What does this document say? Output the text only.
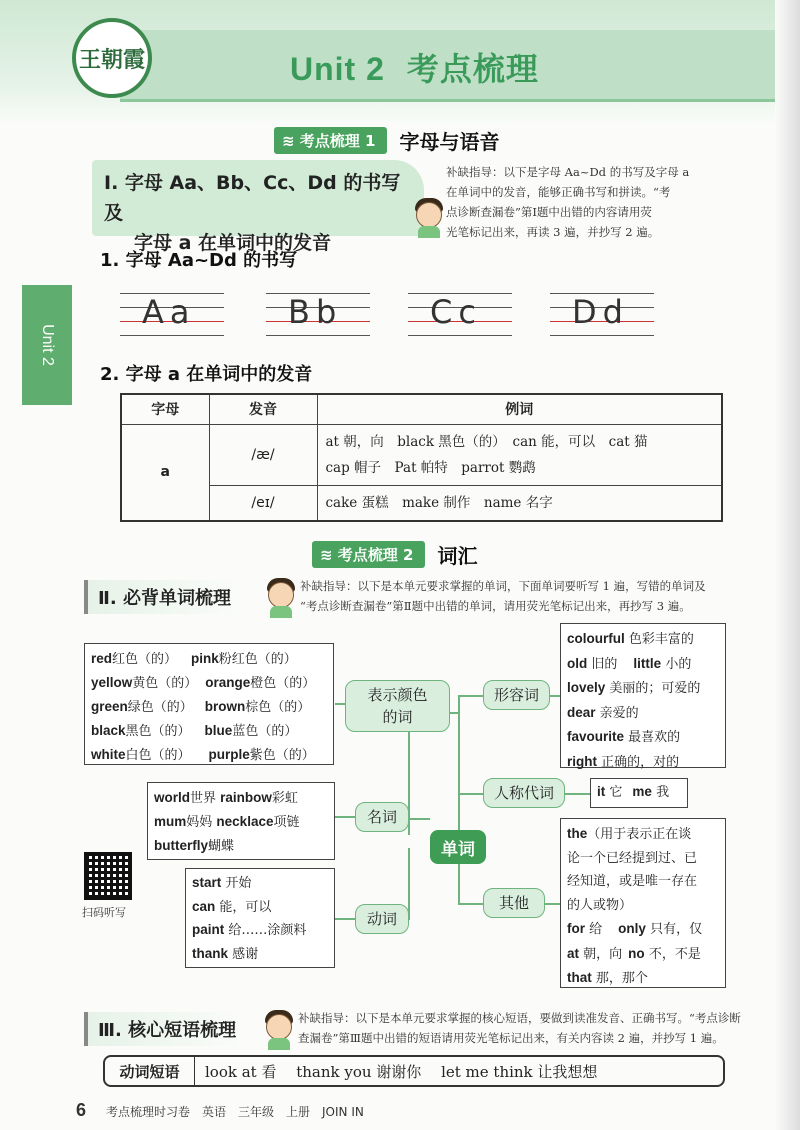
王朝霞	Unit 2 考点梳理
Unit 2
≋ 考点梳理 1	字母与语音

Ⅰ. 字母 Aa、Bb、Cc、Dd 的书写及

字母 a 在单词中的发音

补缺指导：以下是字母 Aa~Dd 的书写及字母 a
在单词中的发音，能够正确书写和拼读。“考
点诊断查漏卷”第Ⅰ题中出错的内容请用荧
光笔标记出来，再读 3 遍，并抄写 2 遍。
1. 字母 Aa~Dd 的书写
Aa	Bb	Cc	Dd
2. 字母 a 在单词中的发音
字母	发音	例词
a	/æ/	at 朝，向　black 黑色（的）　can 能，可以　cat 猫
cap 帽子　Pat 帕特　parrot 鹦鹉

	/eɪ/	cake 蛋糕　make 制作　name 名字
≋ 考点梳理 2	词汇
Ⅱ. 必背单词梳理
补缺指导：以下是本单元要求掌握的单词，下面单词要听写 1 遍，写错的单词及
“考点诊断查漏卷”第Ⅱ题中出错的单词，请用荧光笔标记出来，再抄写 3 遍。
red红色（的） pink粉红色（的）
yellow黄色（的） orange橙色（的）
green绿色（的） brown棕色（的）
black黑色（的） blue蓝色（的）
white白色（的） purple紫色（的）
表示颜色的词
world世界 rainbow彩虹
mum妈妈 necklace项链
butterfly蝴蝶
名词
单词
start 开始
can 能，可以
paint 给……涂颜料
thank 感谢
动词
形容词
colourful 色彩丰富的
old 旧的 little 小的
lovely 美丽的；可爱的
dear 亲爱的
favourite 最喜欢的
right 正确的，对的
人称代词	it 它 me 我
其他
the（用于表示正在谈
论一个已经提到过、已
经知道，或是唯一存在
的人或物）
for 给 only 只有，仅
at 朝，向 no 不，不是
that 那，那个
扫码听写
Ⅲ. 核心短语梳理
补缺指导：以下是本单元要求掌握的核心短语，要做到读准发音、正确书写。“考点诊断
查漏卷”第Ⅲ题中出错的短语请用荧光笔标记出来，有关内容读 2 遍，并抄写 1 遍。
动词短语	look at 看　 thank you 谢谢你　 let me think 让我想想
6 考点梳理时习卷　英语　三年级　上册　JOIN IN
